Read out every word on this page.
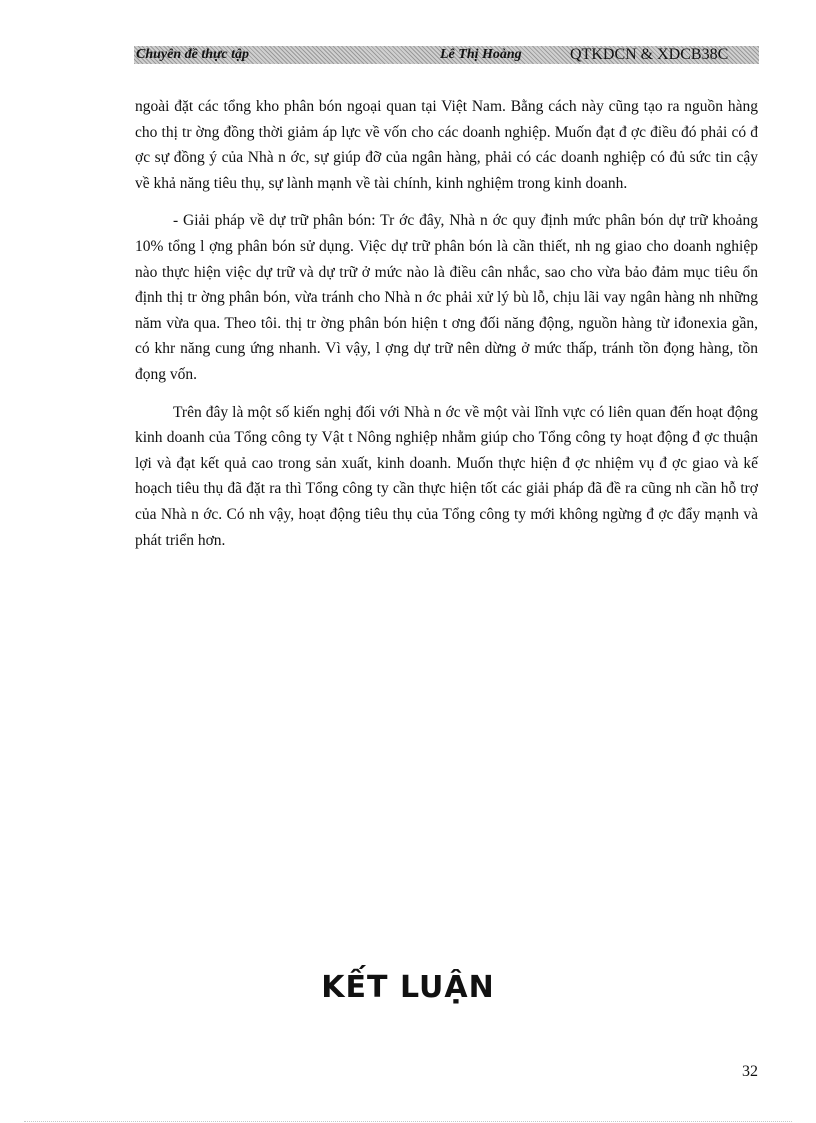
Chuyên đề thực tập	Lê Thị Hoàng	QTKDCN & XDCB38C

ngoài đặt các tổng kho phân bón ngoại quan tại Việt Nam. Bằng cách này cũng tạo ra nguồn hàng cho thị tr ờng đồng thời giảm áp lực về vốn cho các doanh nghiệp. Muốn đạt đ ợc điều đó phải có đ ợc sự đồng ý của Nhà n ớc, sự giúp đỡ của ngân hàng, phải có các doanh nghiệp có đủ sức tin cậy về khả năng tiêu thụ, sự lành mạnh về tài chính, kinh nghiệm trong kinh doanh.

- Giải pháp về dự trữ phân bón: Tr ớc đây, Nhà n ớc quy định mức phân bón dự trữ khoảng 10% tổng l ợng phân bón sử dụng. Việc dự trữ phân bón là cần thiết, nh ng giao cho doanh nghiệp nào thực hiện việc dự trữ và dự trữ ở mức nào là điều cân nhắc, sao cho vừa bảo đảm mục tiêu ổn định thị tr ờng phân bón, vừa tránh cho Nhà n ớc phải xử lý bù lỗ, chịu lãi vay ngân hàng nh những năm vừa qua. Theo tôi. thị tr ờng phân bón hiện t ơng đối năng động, nguồn hàng từ iđonexia gần, có khr năng cung ứng nhanh. Vì vậy, l ợng dự trữ nên dừng ở mức thấp, tránh tồn đọng hàng, tồn đọng vốn.

Trên đây là một số kiến nghị đối với Nhà n ớc về một vài lĩnh vực có liên quan đến hoạt động kinh doanh của Tổng công ty Vật t Nông nghiệp nhằm giúp cho Tổng công ty hoạt động đ ợc thuận lợi và đạt kết quả cao trong sản xuất, kinh doanh. Muốn thực hiện đ ợc nhiệm vụ đ ợc giao và kế hoạch tiêu thụ đã đặt ra thì Tổng công ty cần thực hiện tốt các giải pháp đã đề ra cũng nh cần hỗ trợ của Nhà n ớc. Có nh vậy, hoạt động tiêu thụ của Tổng công ty mới không ngừng đ ợc đẩy mạnh và phát triển hơn.

KẾT LUẬN
32
